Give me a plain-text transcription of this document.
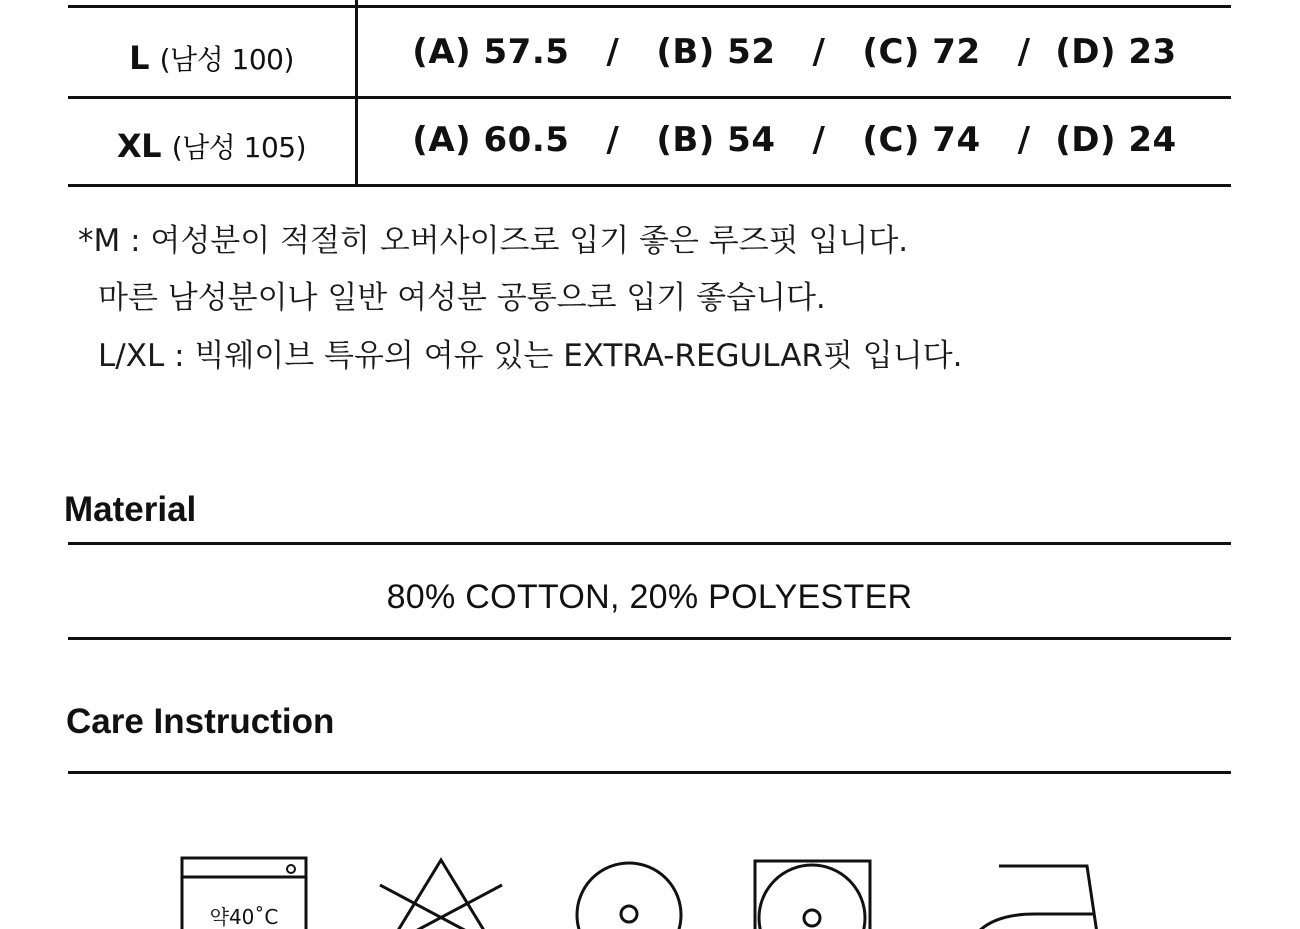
L (남성 100)	(A) 57.5   /   (B) 52   /   (C) 72   /  (D) 23
XL (남성 105)	(A) 60.5   /   (B) 54   /   (C) 74   /  (D) 24
*M : 여성분이 적절히 오버사이즈로 입기 좋은 루즈핏 입니다.
마른 남성분이나 일반 여성분 공통으로 입기 좋습니다.
L/XL : 빅웨이브 특유의 여유 있는 EXTRA-REGULAR핏 입니다.
Material
80% COTTON, 20% POLYESTER
Care Instruction
약40˚C
